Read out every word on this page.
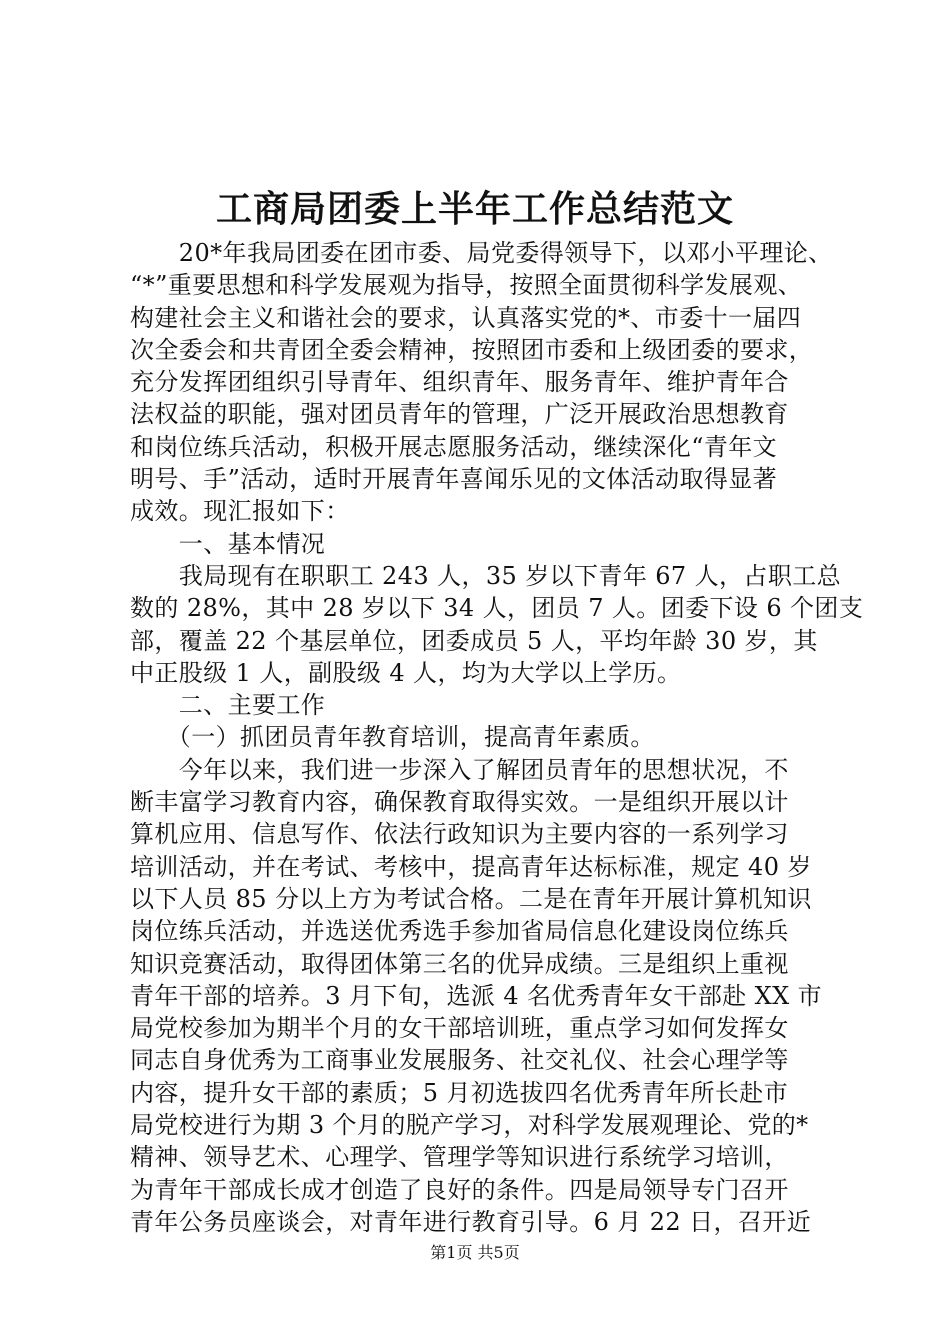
工商局团委上半年工作总结范文
　　20*年我局团委在团市委、局党委得领导下，以邓小平理论、
“*”重要思想和科学发展观为指导，按照全面贯彻科学发展观、
构建社会主义和谐社会的要求，认真落实党的*、市委十一届四
次全委会和共青团全委会精神，按照团市委和上级团委的要求，
充分发挥团组织引导青年、组织青年、服务青年、维护青年合
法权益的职能，强对团员青年的管理，广泛开展政治思想教育
和岗位练兵活动，积极开展志愿服务活动，继续深化“青年文
明号、手”活动，适时开展青年喜闻乐见的文体活动取得显著
成效。现汇报如下：
　　一、基本情况
　　我局现有在职职工 243 人，35 岁以下青年 67 人，占职工总
数的 28%，其中 28 岁以下 34 人，团员 7 人。团委下设 6 个团支
部，覆盖 22 个基层单位，团委成员 5 人，平均年龄 30 岁，其
中正股级 1 人，副股级 4 人，均为大学以上学历。
　　二、主要工作
　　（一）抓团员青年教育培训，提高青年素质。
　　今年以来，我们进一步深入了解团员青年的思想状况，不
断丰富学习教育内容，确保教育取得实效。一是组织开展以计
算机应用、信息写作、依法行政知识为主要内容的一系列学习
培训活动，并在考试、考核中，提高青年达标标准，规定 40 岁
以下人员 85 分以上方为考试合格。二是在青年开展计算机知识
岗位练兵活动，并选送优秀选手参加省局信息化建设岗位练兵
知识竞赛活动，取得团体第三名的优异成绩。三是组织上重视
青年干部的培养。3 月下旬，选派 4 名优秀青年女干部赴 XX 市
局党校参加为期半个月的女干部培训班，重点学习如何发挥女
同志自身优秀为工商事业发展服务、社交礼仪、社会心理学等
内容，提升女干部的素质；5 月初选拔四名优秀青年所长赴市
局党校进行为期 3 个月的脱产学习，对科学发展观理论、党的*
精神、领导艺术、心理学、管理学等知识进行系统学习培训，
为青年干部成长成才创造了良好的条件。四是局领导专门召开
青年公务员座谈会，对青年进行教育引导。6 月 22 日，召开近
第1页 共5页
